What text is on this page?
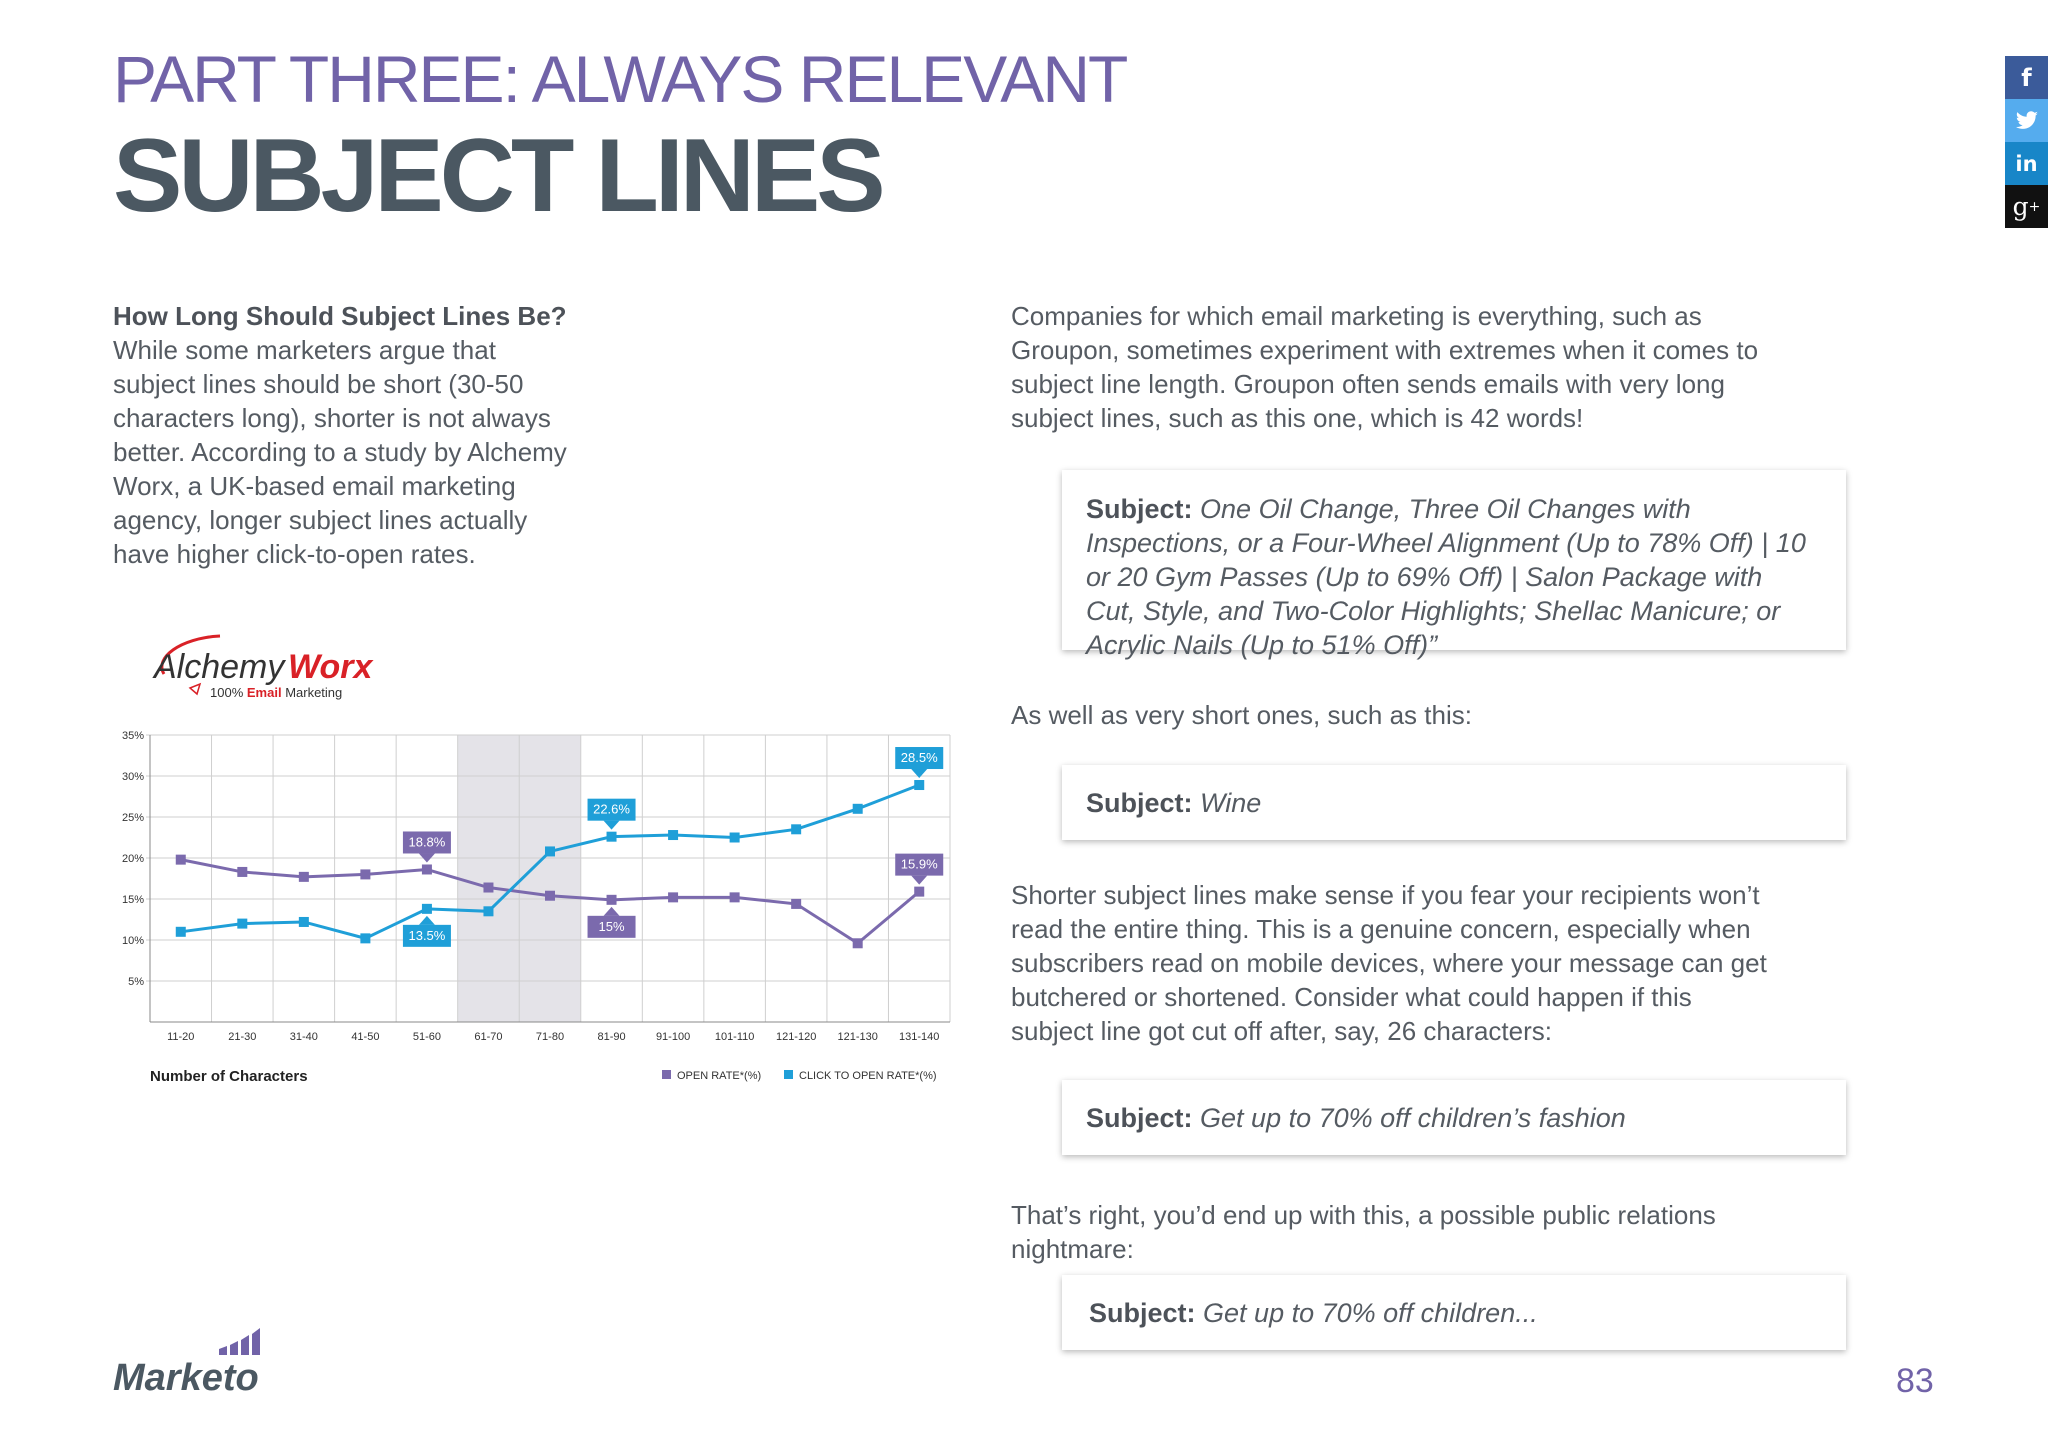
PART THREE: ALWAYS RELEVANT
SUBJECT LINES
f
in
g +
How Long Should Subject Lines Be?
While some marketers argue that subject lines should be short (30-50 characters long), shorter is not always better. According to a study by Alchemy Worx, a UK-based email marketing agency, longer subject lines actually have higher click-to-open rates.
Alchemy Worx
100% Email Marketing
35%
30%
25%
20%
15%
10%
5%
11-20	21-30	31-40	41-50	51-60	61-70	71-80	81-90	91-100 101-110 121-120 121-130 131-140
18.8%
13.5%
22.6%
15%
28.5%
15.9%
Number of Characters	OPEN RATE*(%)	CLICK TO OPEN RATE*(%)
Companies for which email marketing is everything, such as Groupon, sometimes experiment with extremes when it comes to subject line length. Groupon often sends emails with very long subject lines, such as this one, which is 42 words!
Subject: One Oil Change, Three Oil Changes with Inspections, or a Four-Wheel Alignment (Up to 78% Off) | 10 or 20 Gym Passes (Up to 69% Off) | Salon Package with Cut, Style, and Two-Color Highlights; Shellac Manicure; or Acrylic Nails (Up to 51% Off)”
As well as very short ones, such as this:
Subject:
Wine
Shorter subject lines make sense if you fear your recipients won’t read the entire thing. This is a genuine concern, especially when subscribers read on mobile devices, where your message can get butchered or shortened. Consider what could happen if this subject line got cut off after, say, 26 characters:
Subject:
Get up to 70% off children’s fashion
That’s right, you’d end up with this, a possible public relations nightmare:
Subject:
Get up to 70% off children...
Marketo	83
